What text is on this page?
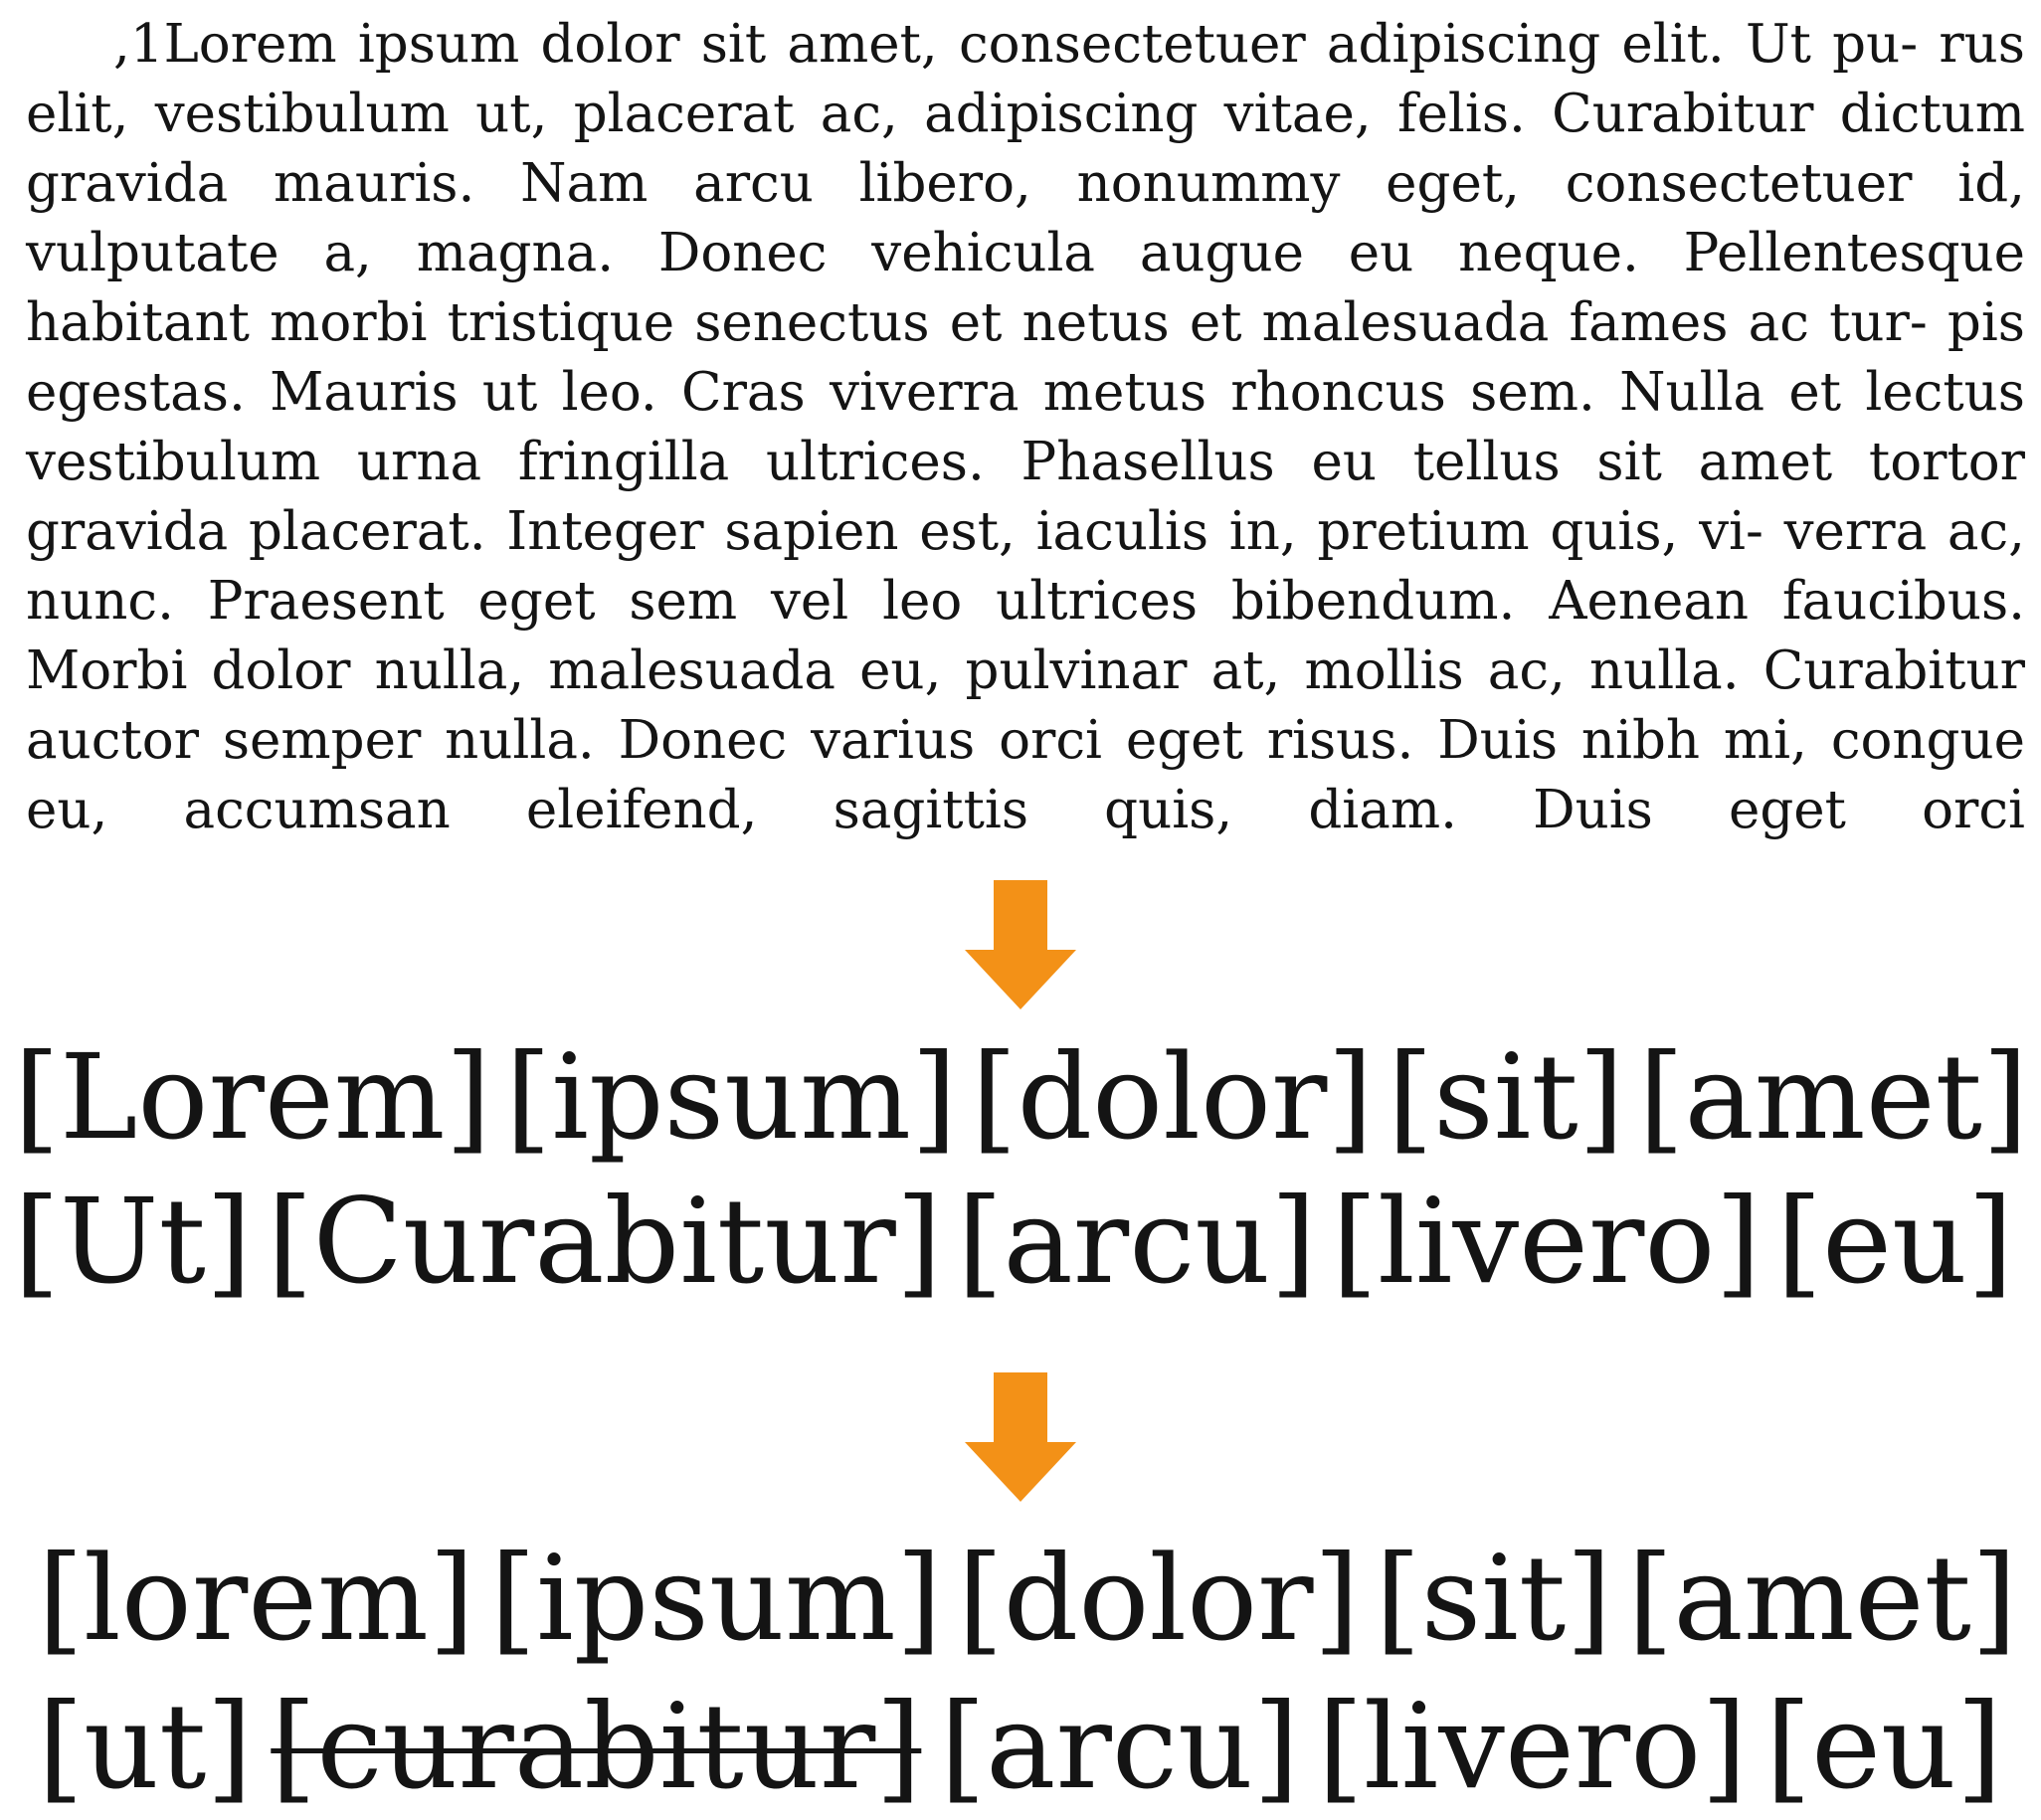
,1Lorem ipsum dolor sit amet, consectetuer adipiscing elit. Ut pu- rus elit, vestibulum ut, placerat ac, adipiscing vitae, felis. Curabitur dictum gravida mauris. Nam arcu libero, nonummy eget, consectetuer id, vulputate a, magna. Donec vehicula augue eu neque. Pellentesque habitant morbi tristique senectus et netus et malesuada fames ac tur- pis egestas. Mauris ut leo. Cras viverra metus rhoncus sem. Nulla et lectus vestibulum urna fringilla ultrices. Phasellus eu tellus sit amet tortor gravida placerat. Integer sapien est, iaculis in, pretium quis, vi- verra ac, nunc. Praesent eget sem vel leo ultrices bibendum. Aenean faucibus. Morbi dolor nulla, malesuada eu, pulvinar at, mollis ac, nulla. Curabitur auctor semper nulla. Donec varius orci eget risus. Duis nibh mi, congue eu, accumsan eleifend, sagittis quis, diam. Duis eget orci
[Lorem] [ipsum] [dolor] [sit] [amet]
[Ut] [Curabitur] [arcu] [livero] [eu]
[lorem] [ipsum] [dolor] [sit] [amet]
[ut] [curabitur] [arcu] [livero] [eu]
